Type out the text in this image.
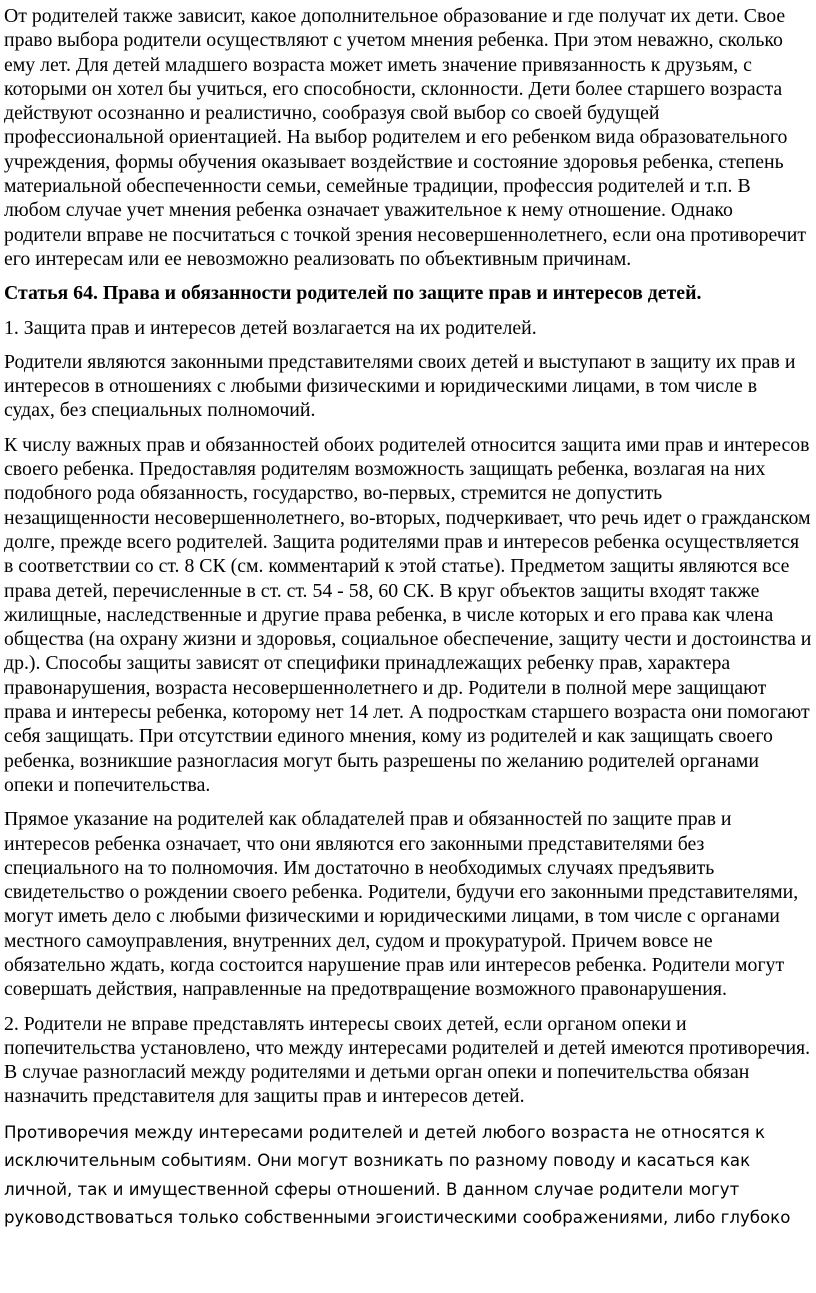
От родителей также зависит, какое дополнительное образование и где получат их дети. Свое право выбора родители осуществляют с учетом мнения ребенка. При этом неважно, сколько ему лет. Для детей младшего возраста может иметь значение привязанность к друзьям, с которыми он хотел бы учиться, его способности, склонности. Дети более старшего возраста действуют осознанно и реалистично, сообразуя свой выбор со своей будущей профессиональной ориентацией. На выбор родителем и его ребенком вида образовательного учреждения, формы обучения оказывает воздействие и состояние здоровья ребенка, степень материальной обеспеченности семьи, семейные традиции, профессия родителей и т.п. В любом случае учет мнения ребенка означает уважительное к нему отношение. Однако родители вправе не посчитаться с точкой зрения несовершеннолетнего, если она противоречит его интересам или ее невозможно реализовать по объективным причинам.

Статья 64. Права и обязанности родителей по защите прав и интересов детей.

1. Защита прав и интересов детей возлагается на их родителей.

Родители являются законными представителями своих детей и выступают в защиту их прав и интересов в отношениях с любыми физическими и юридическими лицами, в том числе в судах, без специальных полномочий.

К числу важных прав и обязанностей обоих родителей относится защита ими прав и интересов своего ребенка. Предоставляя родителям возможность защищать ребенка, возлагая на них подобного рода обязанность, государство, во-первых, стремится не допустить незащищенности несовершеннолетнего, во-вторых, подчеркивает, что речь идет о гражданском долге, прежде всего родителей. Защита родителями прав и интересов ребенка осуществляется в соответствии со ст. 8 СК (см. комментарий к этой статье). Предметом защиты являются все права детей, перечисленные в ст. ст. 54 - 58, 60 СК. В круг объектов защиты входят также жилищные, наследственные и другие права ребенка, в числе которых и его права как члена общества (на охрану жизни и здоровья, социальное обеспечение, защиту чести и достоинства и др.). Способы защиты зависят от специфики принадлежащих ребенку прав, характера правонарушения, возраста несовершеннолетнего и др. Родители в полной мере защищают права и интересы ребенка, которому нет 14 лет. А подросткам старшего возраста они помогают себя защищать. При отсутствии единого мнения, кому из родителей и как защищать своего ребенка, возникшие разногласия могут быть разрешены по желанию родителей органами опеки и попечительства.

Прямое указание на родителей как обладателей прав и обязанностей по защите прав и интересов ребенка означает, что они являются его законными представителями без специального на то полномочия. Им достаточно в необходимых случаях предъявить свидетельство о рождении своего ребенка. Родители, будучи его законными представителями, могут иметь дело с любыми физическими и юридическими лицами, в том числе с органами местного самоуправления, внутренних дел, судом и прокуратурой. Причем вовсе не обязательно ждать, когда состоится нарушение прав или интересов ребенка. Родители могут совершать действия, направленные на предотвращение возможного правонарушения.

2. Родители не вправе представлять интересы своих детей, если органом опеки и попечительства установлено, что между интересами родителей и детей имеются противоречия. В случае разногласий между родителями и детьми орган опеки и попечительства обязан назначить представителя для защиты прав и интересов детей.

Противоречия между интересами родителей и детей любого возраста не относятся к исключительным событиям. Они могут возникать по разному поводу и касаться как личной, так и имущественной сферы отношений. В данном случае родители могут руководствоваться только собственными эгоистическими соображениями, либо глубоко
